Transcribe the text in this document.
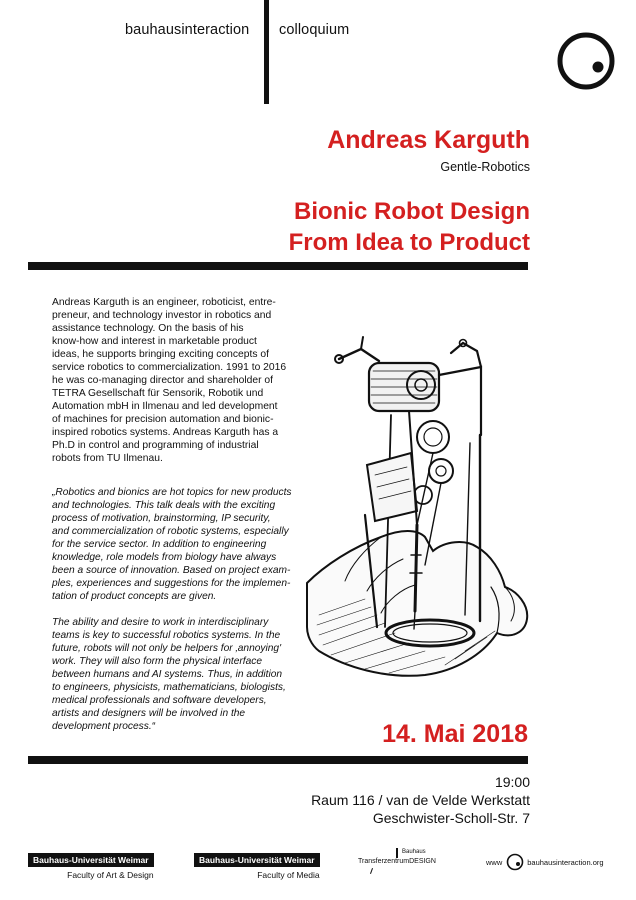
bauhausinteraction colloquium
Andreas Karguth
Gentle-Robotics
Bionic Robot Design
From Idea to Product

Andreas Karguth is an engineer, roboticist, entre-

preneur, and technology investor in robotics and

assistance technology. On the basis of his

know-how and interest in marketable product

ideas, he supports bringing exciting concepts of

service robotics to commercialization. 1991 to 2016

he was co-managing director and shareholder of

TETRA Gesellschaft für Sensorik, Robotik und

Automation mbH in Ilmenau and led development

of machines for precision automation and bionic-

inspired robotics systems. Andreas Karguth has a

Ph.D in control and programming of industrial

robots from TU Ilmenau.

„Robotics and bionics are hot topics for new products
and technologies. This talk deals with the exciting
process of motivation, brainstorming, IP security,
and commercialization of robotic systems, especially
for the service sector. In addition to engineering
knowledge, role models from biology have always
been a source of innovation. Based on project exam-
ples, experiences and suggestions for the implemen-
tation of product concepts are given.

The ability and desire to work in interdisciplinary
teams is key to successful robotics systems. In the
future, robots will not only be helpers for ‚annoying'
work. They will also form the physical interface
between humans and AI systems. Thus, in addition
to engineers, physicists, mathematicians, biologists,
medical professionals and software developers,
artists and designers will be involved in the
development process.“	14. Mai 2018
19:00
Raum 116 / van de Velde Werkstatt
Geschwister-Scholl-Str. 7
Bauhaus-Universität Weimar
Faculty of Art & Design
Bauhaus-Universität Weimar
Faculty of Media
Bauhaus
TransferzentrumDESIGN	www	bauhausinteraction.org
